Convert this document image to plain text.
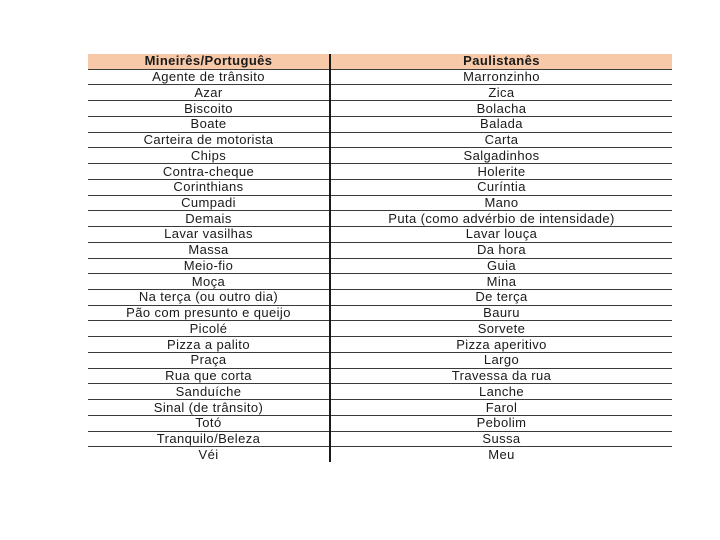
Mineirês/Português	Paulistanês
Agente de trânsito	Marronzinho
Azar	Zica
Biscoito	Bolacha
Boate	Balada
Carteira de motorista	Carta
Chips	Salgadinhos
Contra-cheque	Holerite
Corinthians	Curíntia
Cumpadi	Mano
Demais	Puta (como advérbio de intensidade)
Lavar vasilhas	Lavar louça
Massa	Da hora
Meio-fio	Guia
Moça	Mina
Na terça (ou outro dia)	De terça
Pão com presunto e queijo	Bauru
Picolé	Sorvete
Pizza a palito	Pizza aperitivo
Praça	Largo
Rua que corta	Travessa da rua
Sanduíche	Lanche
Sinal (de trânsito)	Farol
Totó	Pebolim
Tranquilo/Beleza	Sussa
Véi	Meu
